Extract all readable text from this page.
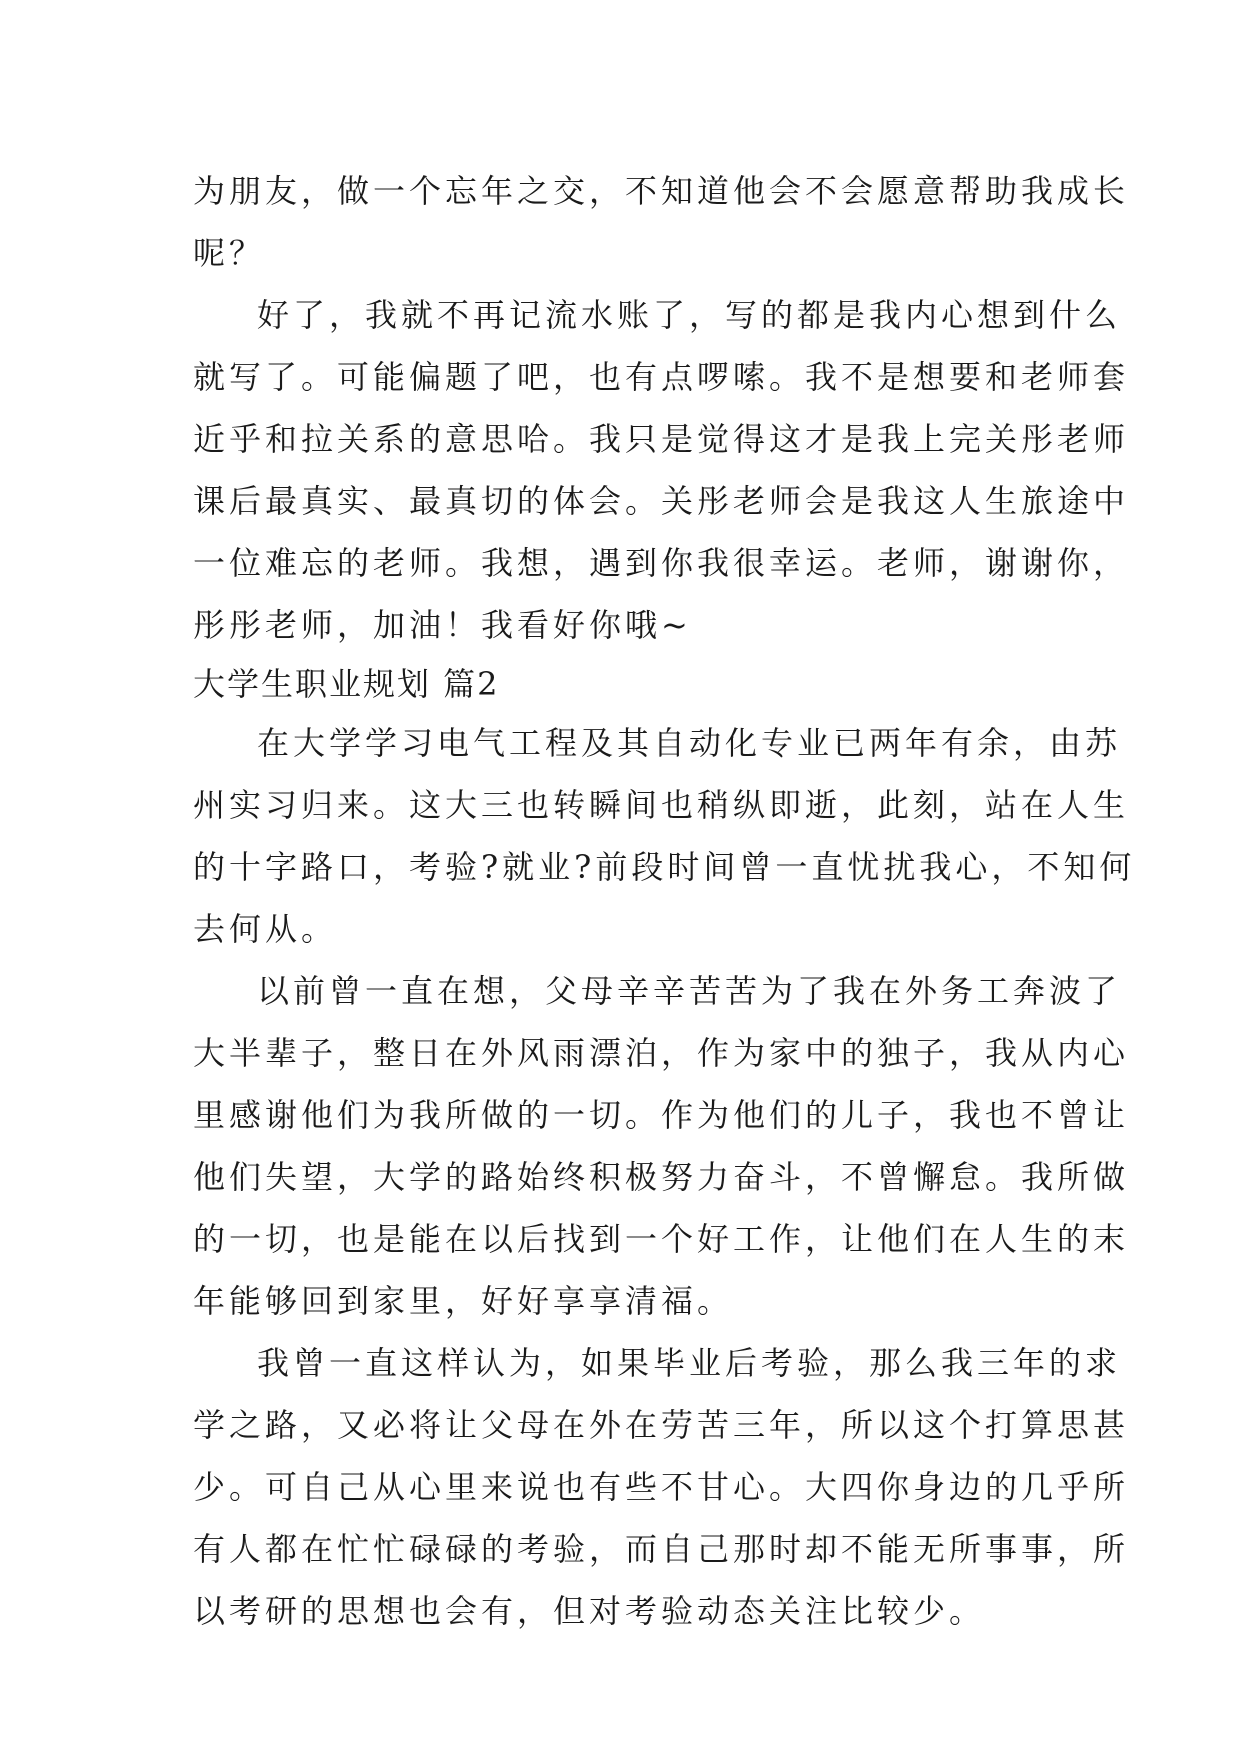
为朋友，做一个忘年之交，不知道他会不会愿意帮助我成长
呢？
好了，我就不再记流水账了，写的都是我内心想到什么
就写了。可能偏题了吧，也有点啰嗦。我不是想要和老师套
近乎和拉关系的意思哈。我只是觉得这才是我上完关彤老师
课后最真实、最真切的体会。关彤老师会是我这人生旅途中
一位难忘的老师。我想，遇到你我很幸运。老师，谢谢你，
彤彤老师，加油！我看好你哦~
大学生职业规划 篇2
在大学学习电气工程及其自动化专业已两年有余，由苏
州实习归来。这大三也转瞬间也稍纵即逝，此刻，站在人生
的十字路口，考验?就业?前段时间曾一直忧扰我心，不知何
去何从。
以前曾一直在想，父母辛辛苦苦为了我在外务工奔波了
大半辈子，整日在外风雨漂泊，作为家中的独子，我从内心
里感谢他们为我所做的一切。作为他们的儿子，我也不曾让
他们失望，大学的路始终积极努力奋斗，不曾懈怠。我所做
的一切，也是能在以后找到一个好工作，让他们在人生的末
年能够回到家里，好好享享清福。
我曾一直这样认为，如果毕业后考验，那么我三年的求
学之路，又必将让父母在外在劳苦三年，所以这个打算思甚
少。可自己从心里来说也有些不甘心。大四你身边的几乎所
有人都在忙忙碌碌的考验，而自己那时却不能无所事事，所
以考研的思想也会有，但对考验动态关注比较少。
